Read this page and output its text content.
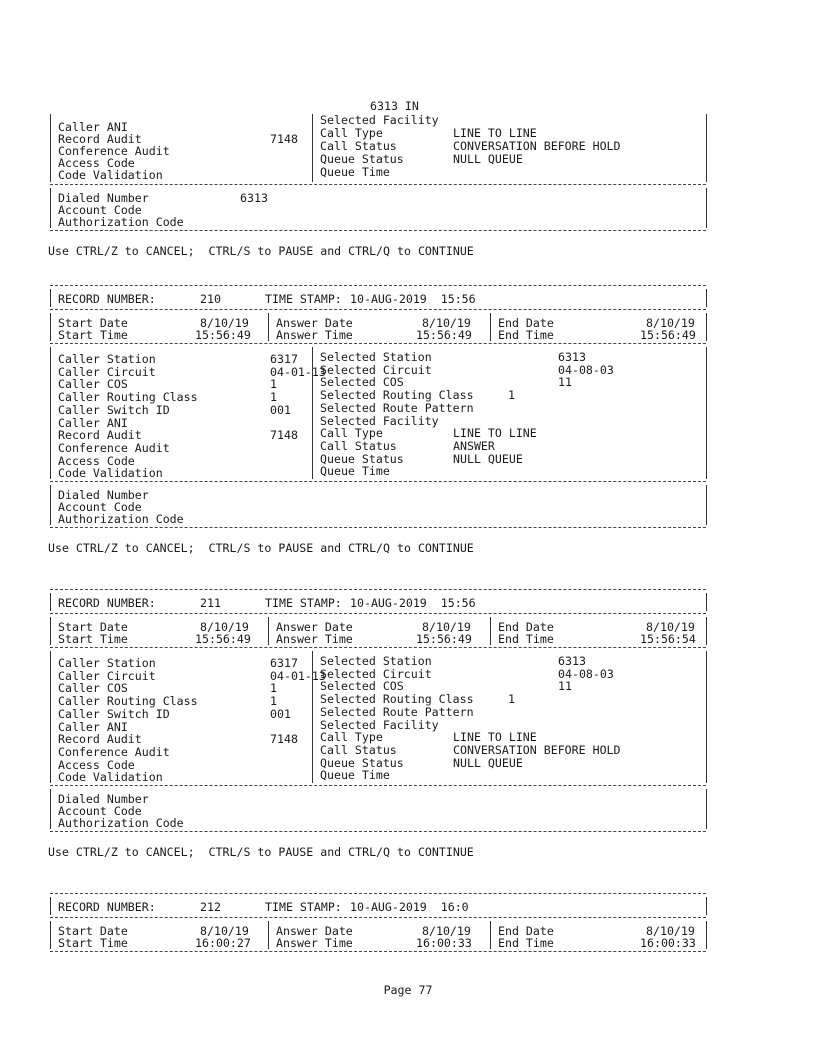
6313 IN
Caller ANI
Record Audit	7148
Conference Audit
Access Code
Code Validation
Selected Facility
Call Type	LINE TO LINE
Call Status	CONVERSATION BEFORE HOLD
Queue Status	NULL QUEUE
Queue Time
Dialed Number	6313
Account Code
Authorization Code
Use CTRL/Z to CANCEL;  CTRL/S to PAUSE and CTRL/Q to CONTINUE
RECORD NUMBER:	210	TIME STAMP: 10-AUG-2019  15:56
Start Date	8/10/19
Start Time	15:56:49
Answer Date	8/10/19
Answer Time	15:56:49
End Date	8/10/19
End Time	15:56:49
Caller Station	6317
Caller Circuit	04-01-13
Caller COS	1
Caller Routing Class	1
Caller Switch ID	001
Caller ANI
Record Audit	7148
Conference Audit
Access Code
Code Validation
Selected Station	6313
Selected Circuit	04-08-03
Selected COS	11
Selected Routing Class	1
Selected Route Pattern
Selected Facility
Call Type	LINE TO LINE
Call Status	ANSWER
Queue Status	NULL QUEUE
Queue Time
Dialed Number
Account Code
Authorization Code
Use CTRL/Z to CANCEL;  CTRL/S to PAUSE and CTRL/Q to CONTINUE
RECORD NUMBER:	211	TIME STAMP: 10-AUG-2019  15:56
Start Date	8/10/19
Start Time	15:56:49
Answer Date	8/10/19
Answer Time	15:56:49
End Date	8/10/19
End Time	15:56:54
Caller Station	6317
Caller Circuit	04-01-13
Caller COS	1
Caller Routing Class	1
Caller Switch ID	001
Caller ANI
Record Audit	7148
Conference Audit
Access Code
Code Validation
Selected Station	6313
Selected Circuit	04-08-03
Selected COS	11
Selected Routing Class	1
Selected Route Pattern
Selected Facility
Call Type	LINE TO LINE
Call Status	CONVERSATION BEFORE HOLD
Queue Status	NULL QUEUE
Queue Time
Dialed Number
Account Code
Authorization Code
Use CTRL/Z to CANCEL;  CTRL/S to PAUSE and CTRL/Q to CONTINUE
RECORD NUMBER:	212	TIME STAMP: 10-AUG-2019  16:0
Start Date	8/10/19
Start Time	16:00:27
Answer Date	8/10/19
Answer Time	16:00:33
End Date	8/10/19
End Time	16:00:33
Page 77
